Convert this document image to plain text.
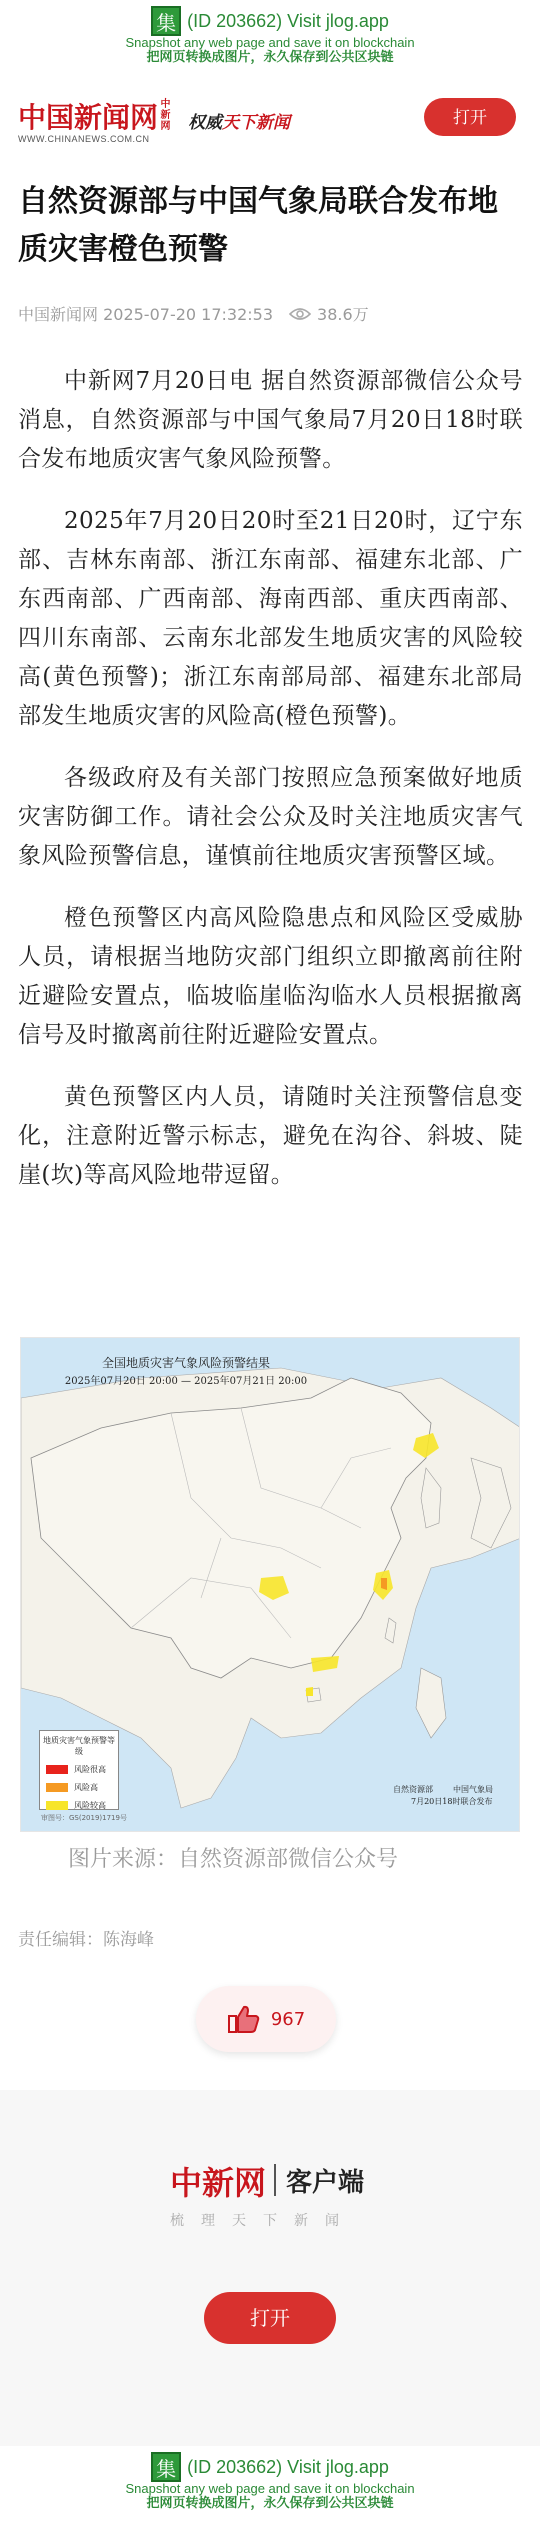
集 (ID 203662) Visit jlog.app
Snapshot any web page and save it on blockchain
把网页转换成图片，永久保存到公共区块链
中国新闻网 中新网
WWW.CHINANEWS.COM.CN
权威天下新闻	打开
自然资源部与中国气象局联合发布地质灾害橙色预警
中国新闻网 2025-07-20 17:32:53	38.6万

中新网7月20日电 据自然资源部微信公众号消息，自然资源部与中国气象局7月20日18时联合发布地质灾害气象风险预警。

2025年7月20日20时至21日20时，辽宁东部、吉林东南部、浙江东南部、福建东北部、广东西南部、广西南部、海南西部、重庆西南部、四川东南部、云南东北部发生地质灾害的风险较高(黄色预警)；浙江东南部局部、福建东北部局部发生地质灾害的风险高(橙色预警)。

各级政府及有关部门按照应急预案做好地质灾害防御工作。请社会公众及时关注地质灾害气象风险预警信息，谨慎前往地质灾害预警区域。

橙色预警区内高风险隐患点和风险区受威胁人员，请根据当地防灾部门组织立即撤离前往附近避险安置点，临坡临崖临沟临水人员根据撤离信号及时撤离前往附近避险安置点。

黄色预警区内人员，请随时关注预警信息变化，注意附近警示标志，避免在沟谷、斜坡、陡崖(坎)等高风险地带逗留。

全国地质灾害气象风险预警结果
2025年07月20日 20:00 — 2025年07月21日 20:00
地质灾害气象预警等级
风险很高
风险高
风险较高
自然资源部	中国气象局
7月20日18时联合发布
审图号：GS(2019)1719号
图片来源：自然资源部微信公众号
责任编辑：陈海峰
967
中新网 客户端
梳理天下新闻
打开
集 (ID 203662) Visit jlog.app
Snapshot any web page and save it on blockchain
把网页转换成图片，永久保存到公共区块链
